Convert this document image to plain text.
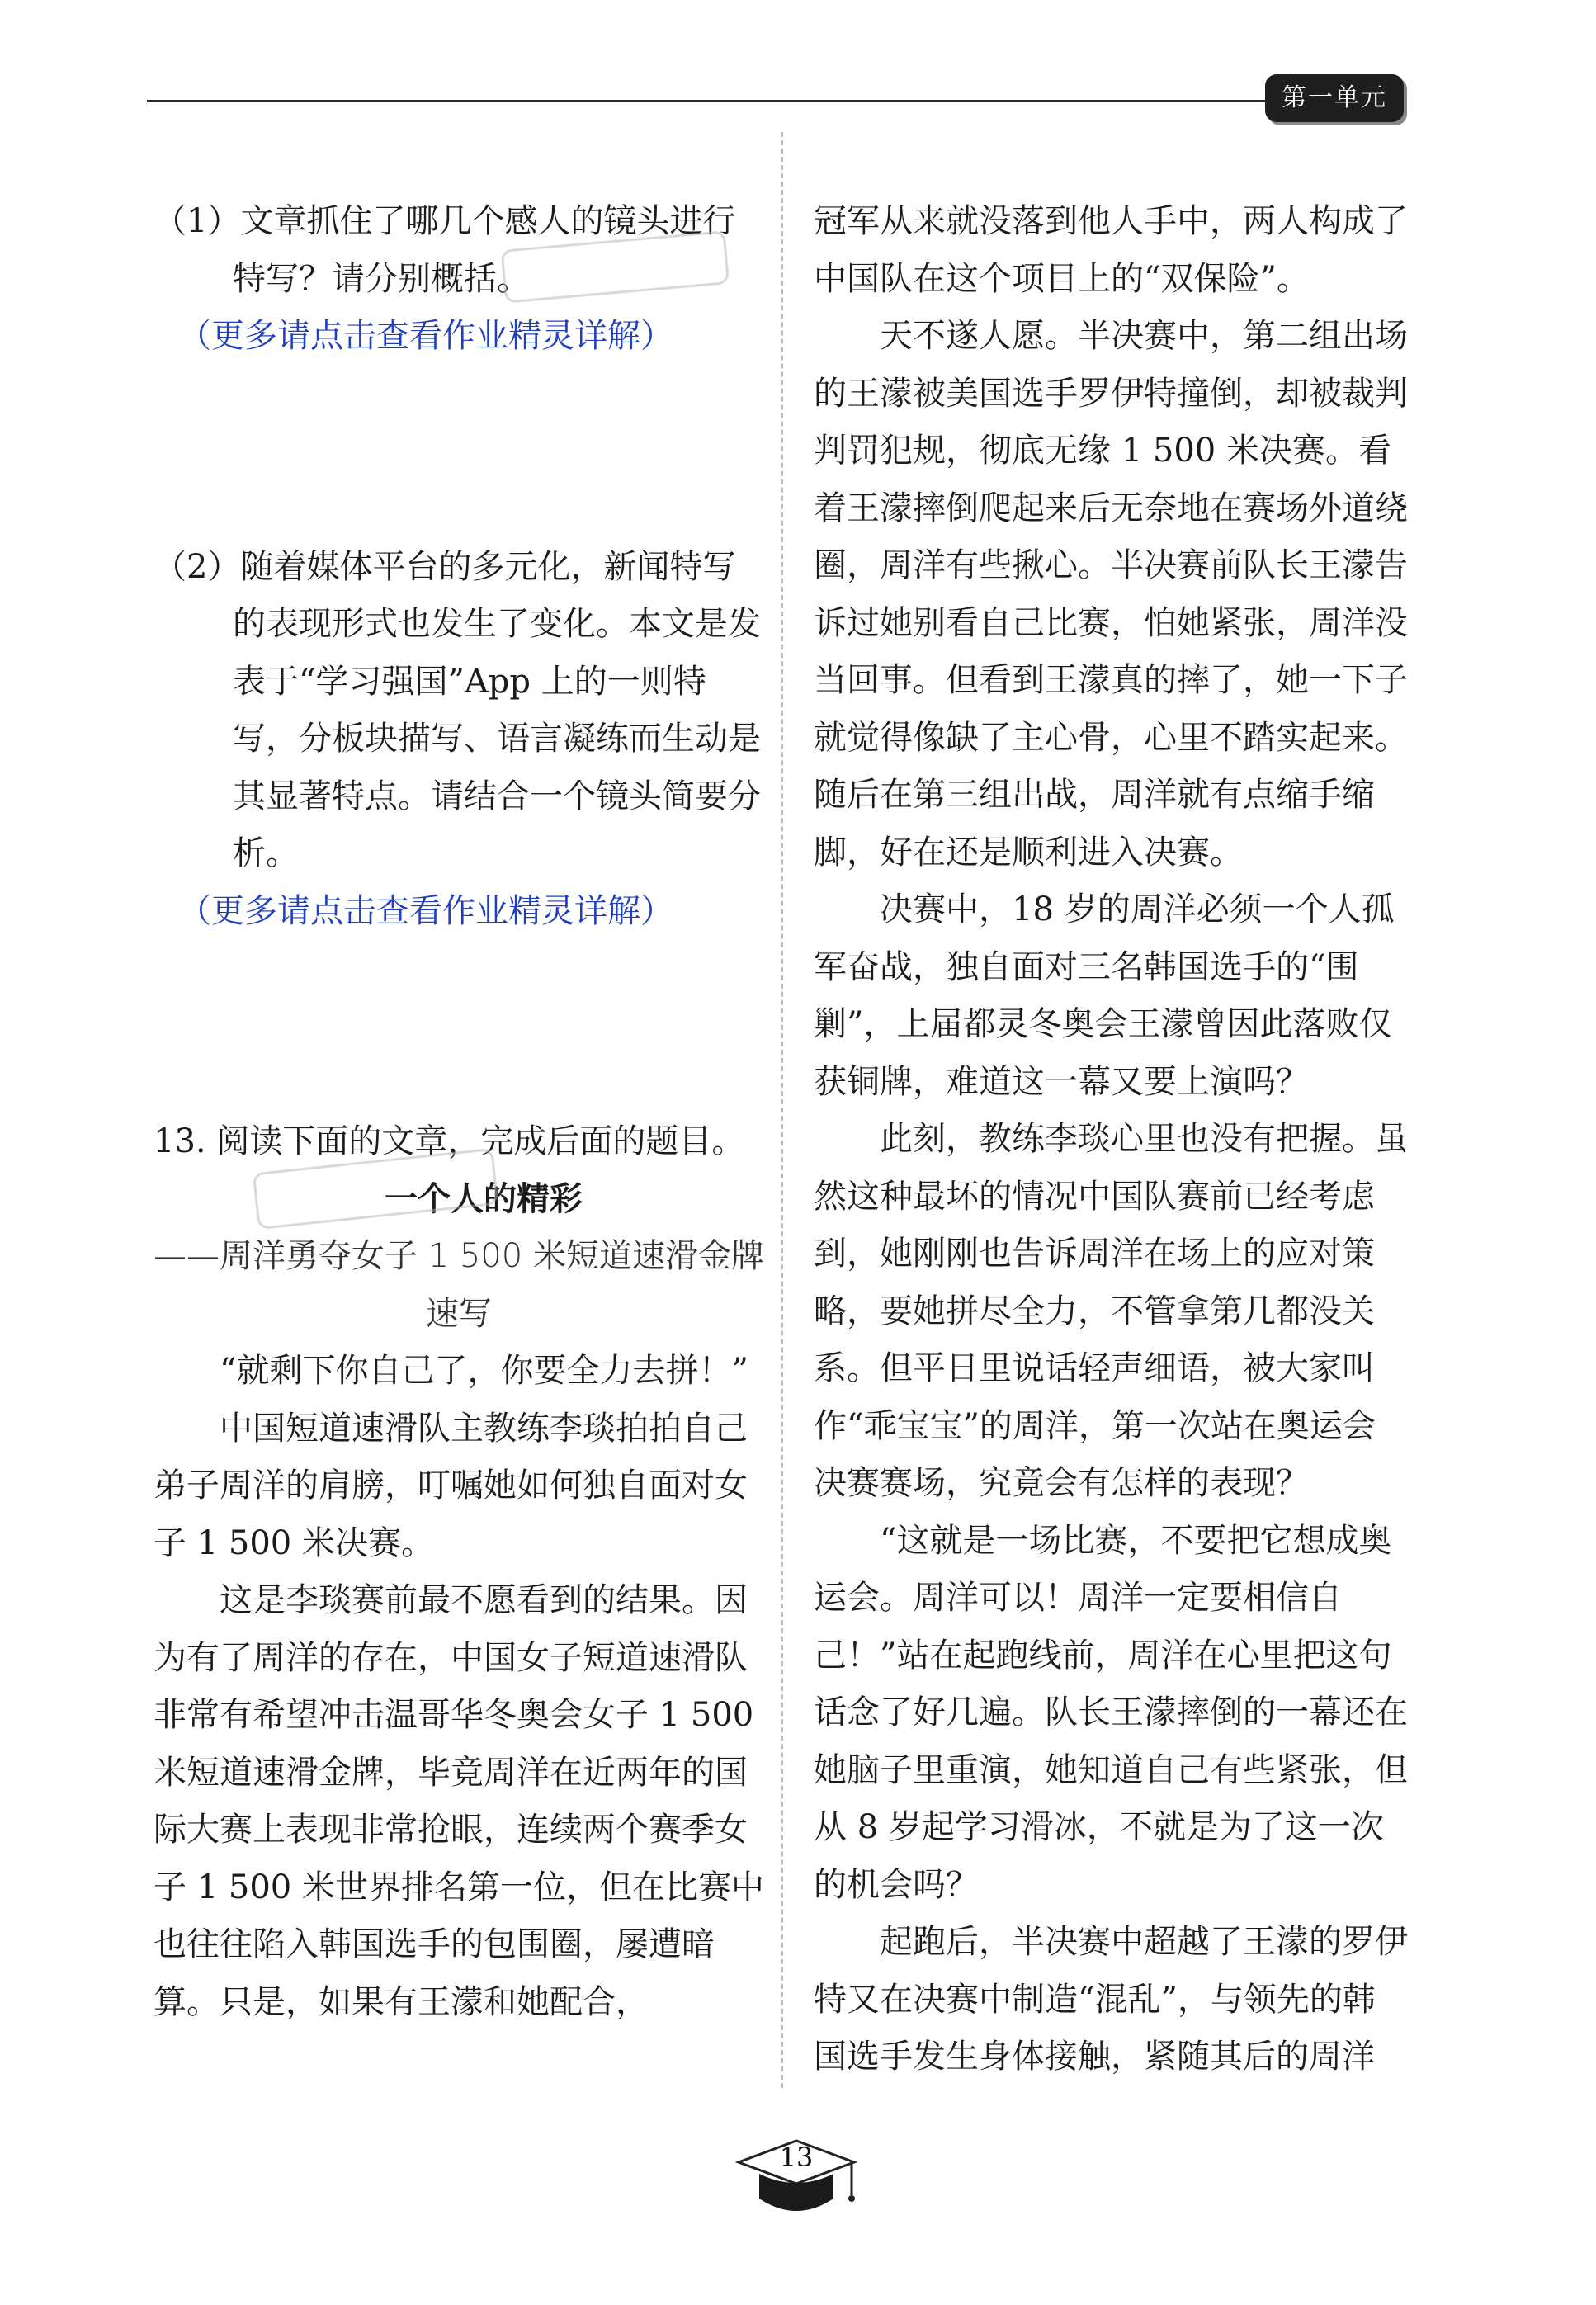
第一单元

（1）文章抓住了哪几个感人的镜头进行特写？请分别概括。

（更多请点击查看作业精灵详解）

（2）随着媒体平台的多元化，新闻特写的表现形式也发生了变化。本文是发表于“学习强国”App 上的一则特写，分板块描写、语言凝练而生动是其显著特点。请结合一个镜头简要分析。

（更多请点击查看作业精灵详解）

13. 阅读下面的文章，完成后面的题目。

一个人的精彩

——周洋勇夺女子 1 500 米短道速滑金牌速写

“就剩下你自己了，你要全力去拼！”

中国短道速滑队主教练李琰拍拍自己弟子周洋的肩膀，叮嘱她如何独自面对女子 1 500 米决赛。

这是李琰赛前最不愿看到的结果。因为有了周洋的存在，中国女子短道速滑队非常有希望冲击温哥华冬奥会女子 1 500 米短道速滑金牌，毕竟周洋在近两年的国际大赛上表现非常抢眼，连续两个赛季女子 1 500 米世界排名第一位，但在比赛中也往往陷入韩国选手的包围圈，屡遭暗算。只是，如果有王濛和她配合，

冠军从来就没落到他人手中，两人构成了中国队在这个项目上的“双保险”。

天不遂人愿。半决赛中，第二组出场的王濛被美国选手罗伊特撞倒，却被裁判判罚犯规，彻底无缘 1 500 米决赛。看着王濛摔倒爬起来后无奈地在赛场外道绕圈，周洋有些揪心。半决赛前队长王濛告诉过她别看自己比赛，怕她紧张，周洋没当回事。但看到王濛真的摔了，她一下子就觉得像缺了主心骨，心里不踏实起来。随后在第三组出战，周洋就有点缩手缩脚，好在还是顺利进入决赛。

决赛中，18 岁的周洋必须一个人孤军奋战，独自面对三名韩国选手的“围剿”，上届都灵冬奥会王濛曾因此落败仅获铜牌，难道这一幕又要上演吗？

此刻，教练李琰心里也没有把握。虽然这种最坏的情况中国队赛前已经考虑到，她刚刚也告诉周洋在场上的应对策略，要她拼尽全力，不管拿第几都没关系。但平日里说话轻声细语，被大家叫作“乖宝宝”的周洋，第一次站在奥运会决赛赛场，究竟会有怎样的表现？

“这就是一场比赛，不要把它想成奥运会。周洋可以！周洋一定要相信自己！”站在起跑线前，周洋在心里把这句话念了好几遍。队长王濛摔倒的一幕还在她脑子里重演，她知道自己有些紧张，但从 8 岁起学习滑冰，不就是为了这一次的机会吗？

起跑后，半决赛中超越了王濛的罗伊特又在决赛中制造“混乱”，与领先的韩国选手发生身体接触，紧随其后的周洋

13
